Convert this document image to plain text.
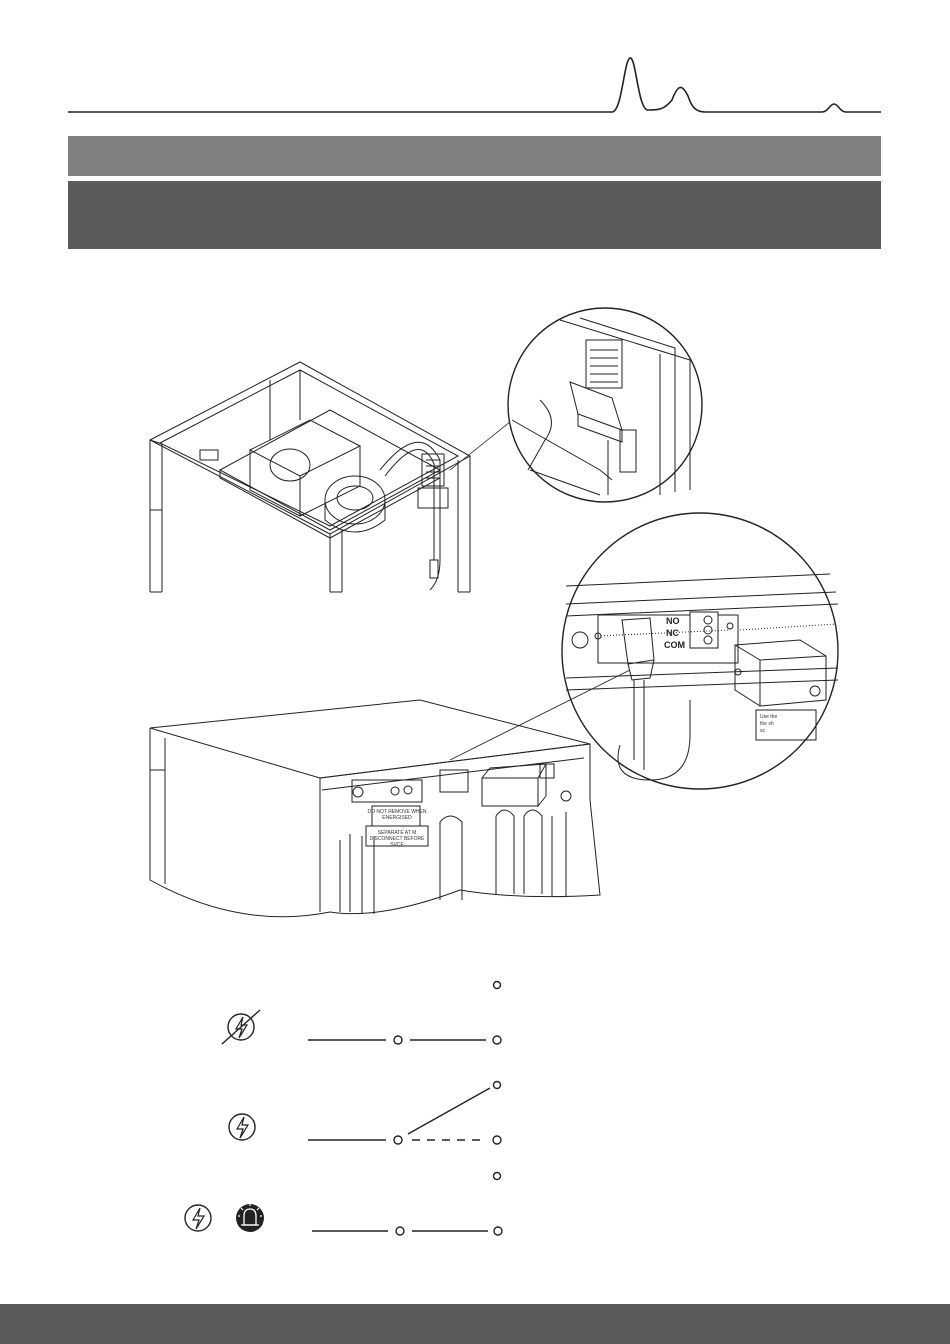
NO
NC
COM
DO NOT REMOVE WHEN
ENERGISED
SEPARATE AT M
DISCONNECT BEFORE SVCE
Use the
the sh
sc
